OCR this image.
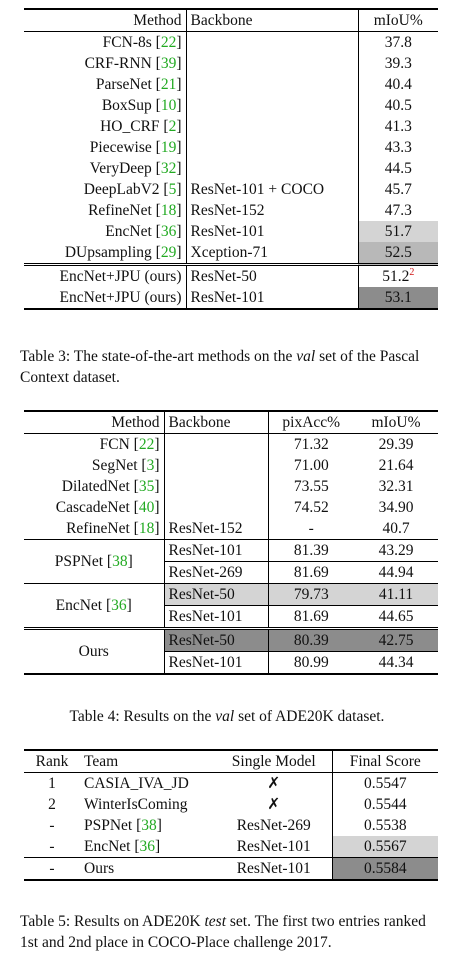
Method	Backbone	mIoU%
FCN-8s [22]		37.8
CRF-RNN [39]		39.3
ParseNet [21]		40.4
BoxSup [10]		40.5
HO_CRF [2]		41.3
Piecewise [19]		43.3
VeryDeep [32]		44.5
DeepLabV2 [5]	ResNet-101 + COCO	45.7
RefineNet [18]	ResNet-152	47.3
EncNet [36]	ResNet-101	51.7
DUpsampling [29]	Xception-71	52.5
EncNet+JPU (ours)	ResNet-50	51.2$^2$
EncNet+JPU (ours)	ResNet-101	53.1

Table 3: The state-of-the-art methods on the val set of the Pascal Context dataset.

Method	Backbone	pixAcc%	mIoU%
FCN [22]		71.32	29.39
SegNet [3]		71.00	21.64
DilatedNet [35]		73.55	32.31
CascadeNet [40]		74.52	34.90
RefineNet [18]	ResNet-152	-	40.7
PSPNet [38]	ResNet-101	81.39	43.29
	ResNet-269	81.69	44.94
EncNet [36]	ResNet-50	79.73	41.11
	ResNet-101	81.69	44.65
Ours	ResNet-50	80.39	42.75
	ResNet-101	80.99	44.34

Table 4: Results on the val set of ADE20K dataset.

Rank	Team	Single Model	Final Score
1	CASIA_IVA_JD	✗	0.5547
2	WinterIsComing	✗	0.5544
-	PSPNet [38]	ResNet-269	0.5538
-	EncNet [36]	ResNet-101	0.5567
-	Ours	ResNet-101	0.5584

Table 5: Results on ADE20K test set. The first two entries ranked 1st and 2nd place in COCO-Place challenge 2017.
